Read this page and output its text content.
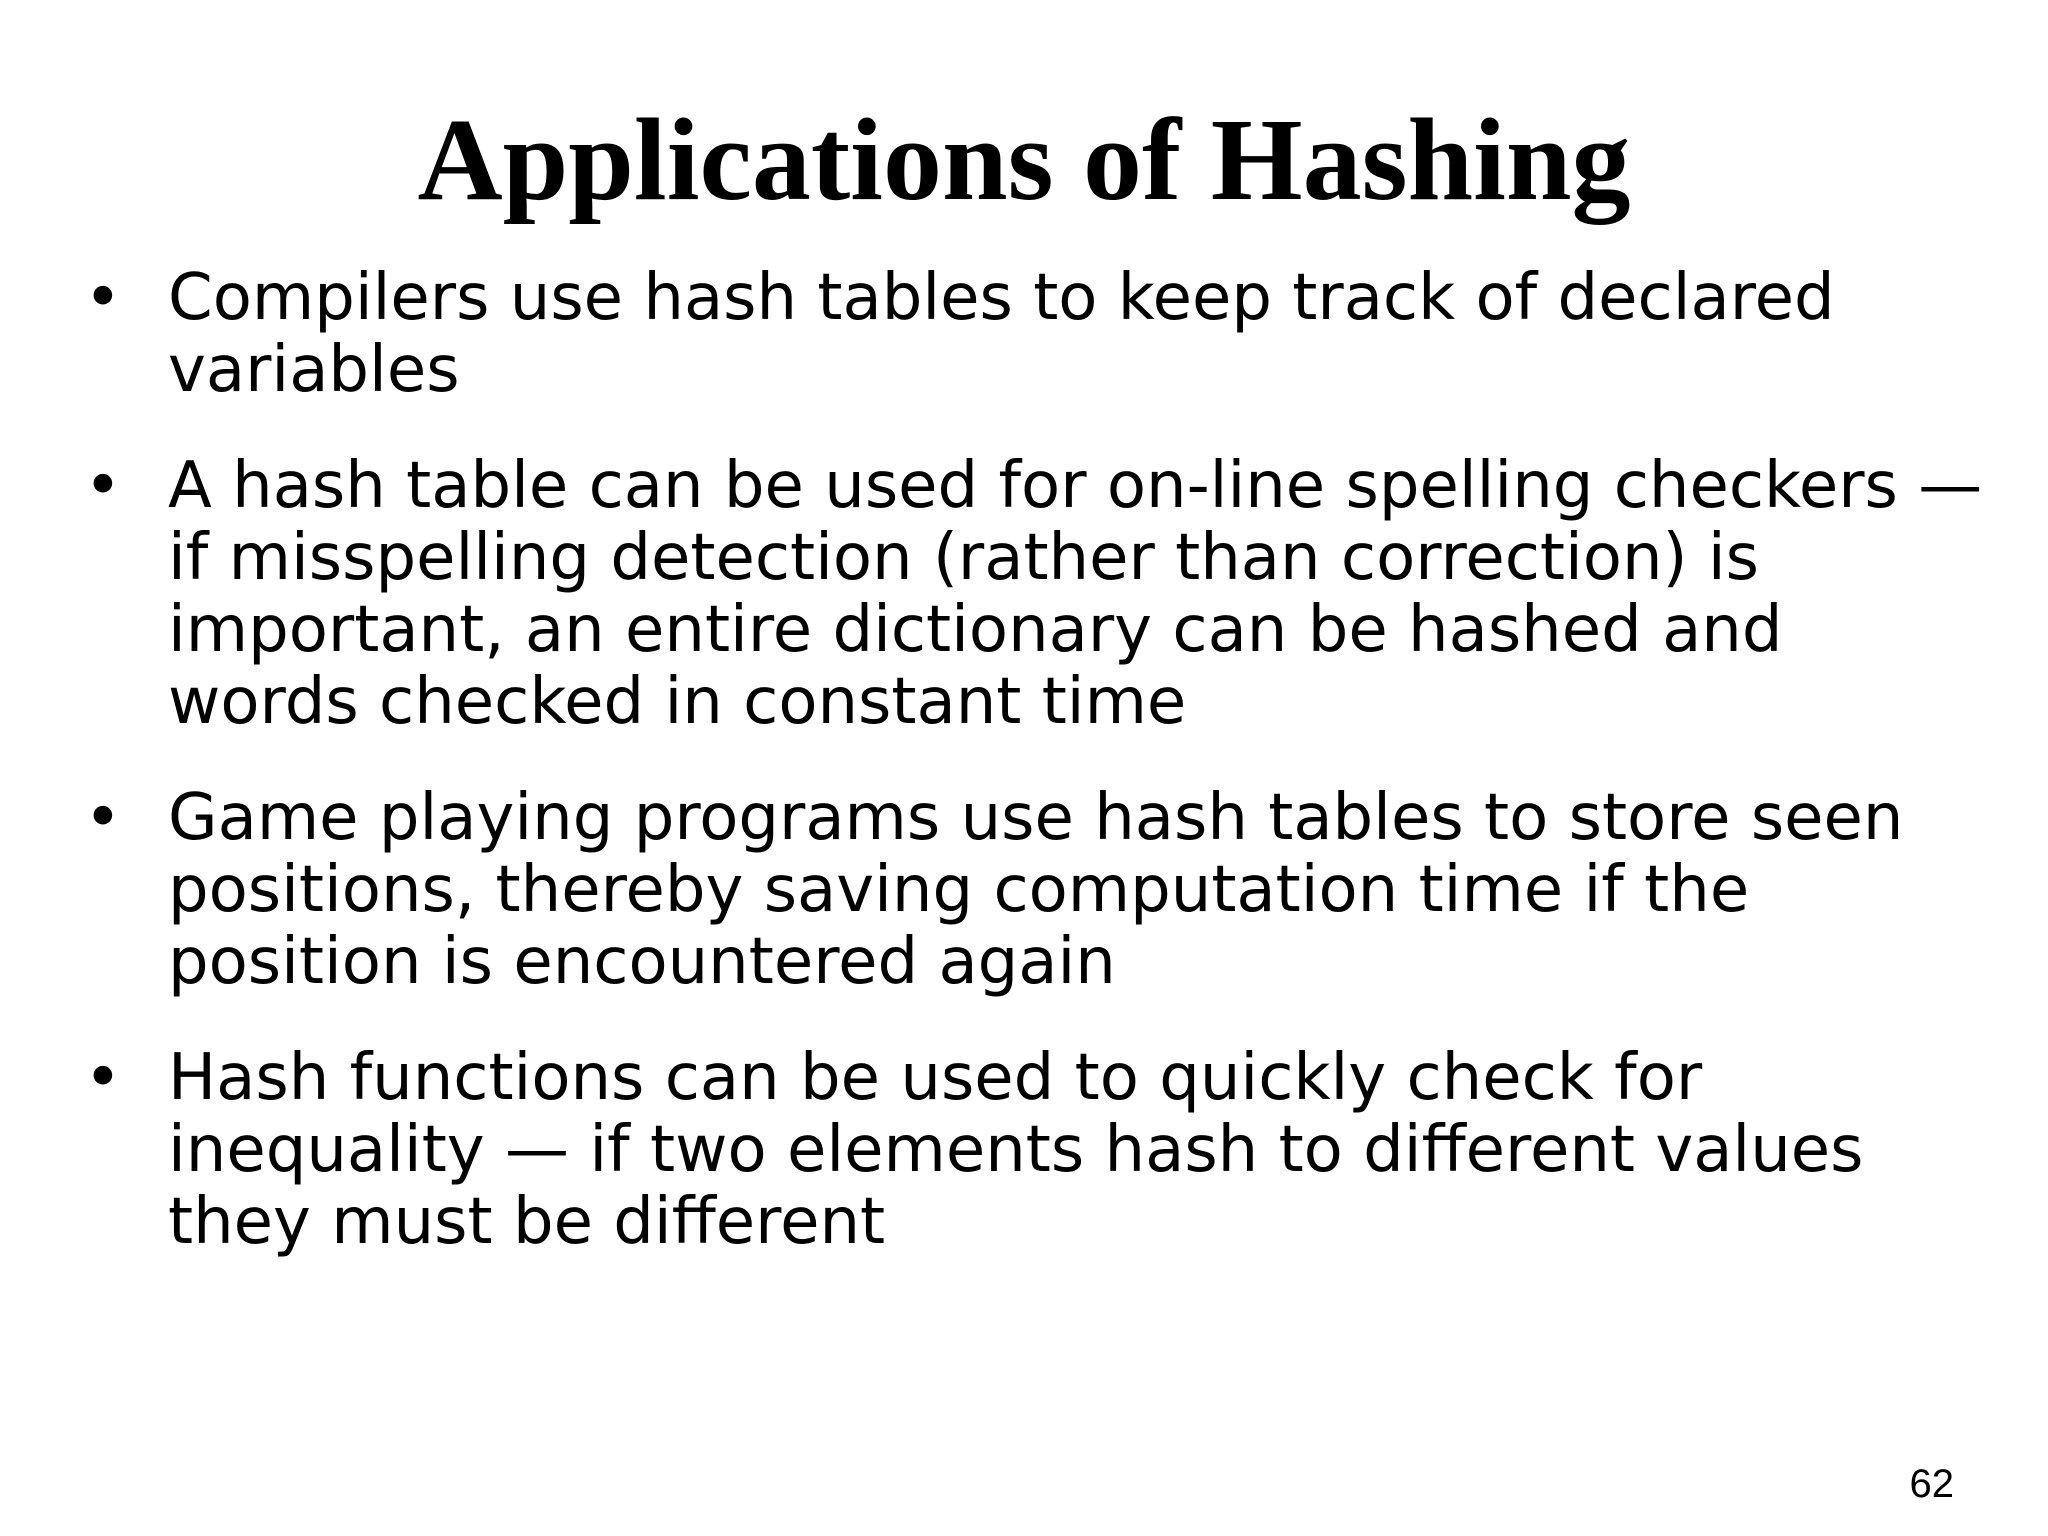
Applications of Hashing
• Compilers use hash tables to keep track of declared variables
• A hash table can be used for on-line spelling checkers — if misspelling detection (rather than correction) is important, an entire dictionary can be hashed and words checked in constant time
• Game playing programs use hash tables to store seen positions, thereby saving computation time if the position is encountered again
• Hash functions can be used to quickly check for inequality — if two elements hash to different values they must be different
62
